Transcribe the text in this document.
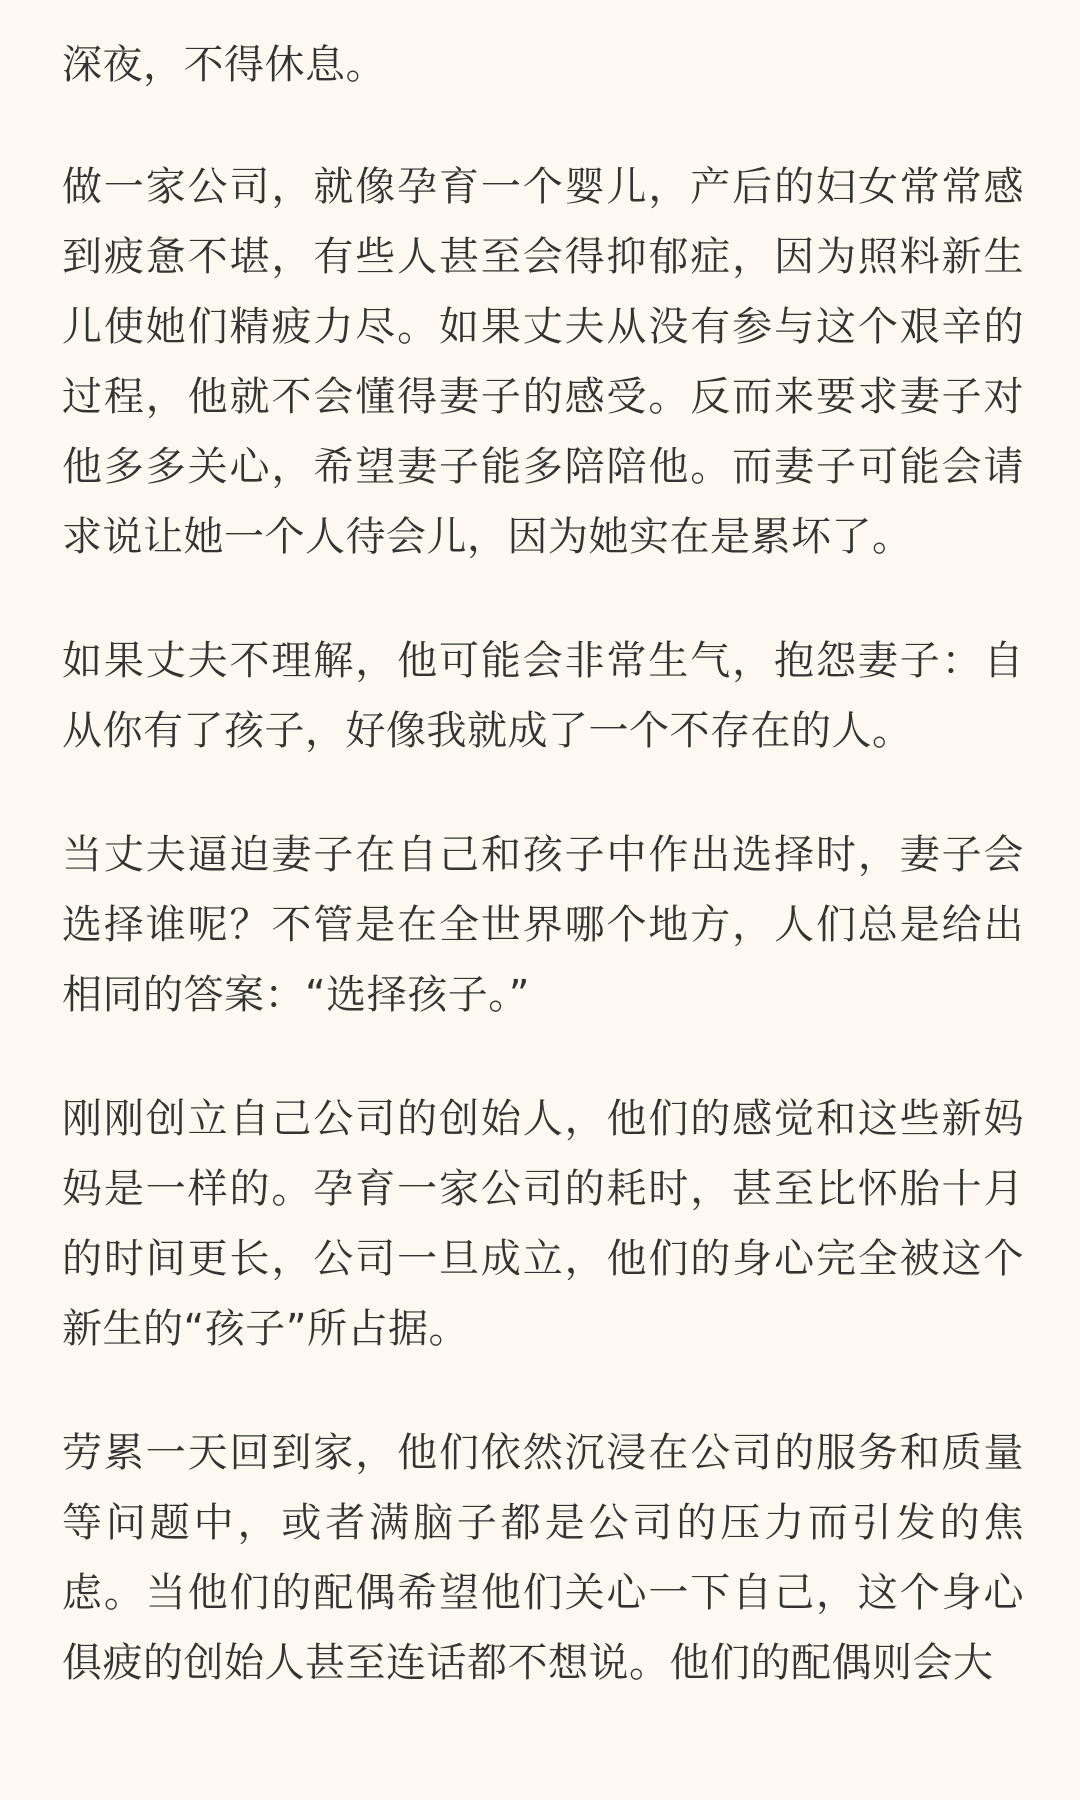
深夜，不得休息。

做一家公司，就像孕育一个婴儿，产后的妇女常常感到疲惫不堪，有些人甚至会得抑郁症，因为照料新生儿使她们精疲力尽。如果丈夫从没有参与这个艰辛的过程，他就不会懂得妻子的感受。反而来要求妻子对他多多关心，希望妻子能多陪陪他。而妻子可能会请求说让她一个人待会儿，因为她实在是累坏了。

如果丈夫不理解，他可能会非常生气，抱怨妻子：自从你有了孩子，好像我就成了一个不存在的人。

当丈夫逼迫妻子在自己和孩子中作出选择时，妻子会选择谁呢？不管是在全世界哪个地方，人们总是给出相同的答案：“选择孩子。”

刚刚创立自己公司的创始人，他们的感觉和这些新妈妈是一样的。孕育一家公司的耗时，甚至比怀胎十月的时间更长，公司一旦成立，他们的身心完全被这个新生的“孩子”所占据。

劳累一天回到家，他们依然沉浸在公司的服务和质量等问题中，或者满脑子都是公司的压力而引发的焦虑。当他们的配偶希望他们关心一下自己，这个身心俱疲的创始人甚至连话都不想说。他们的配偶则会大
